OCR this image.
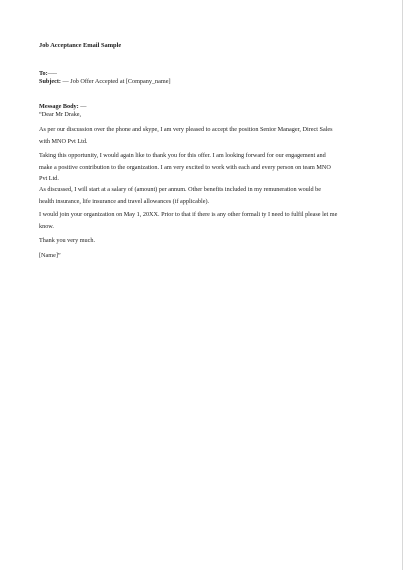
Job Acceptance Email Sample
To:—–
Subject: — Job Offer Accepted at [Company_name]
Message Body: —
“Dear Mr Drake,
As per our discussion over the phone and skype, I am very pleased to accept the position Senior Manager, Direct Sales
with MNO Pvt Ltd.
Taking this opportunity, I would again like to thank you for this offer. I am looking forward for our engagement and
make a positive contribution to the organization. I am very excited to work with each and every person on team MNO
Pvt Ltd.
As discussed, I will start at a salary of (amount) per annum. Other benefits included in my remuneration would be
health insurance, life insurance and travel allowances (if applicable).
I would join your organization on May 1, 20XX. Prior to that if there is any other formali ty I need to fulfil please let me
know.
Thank you very much.
[Name]”
